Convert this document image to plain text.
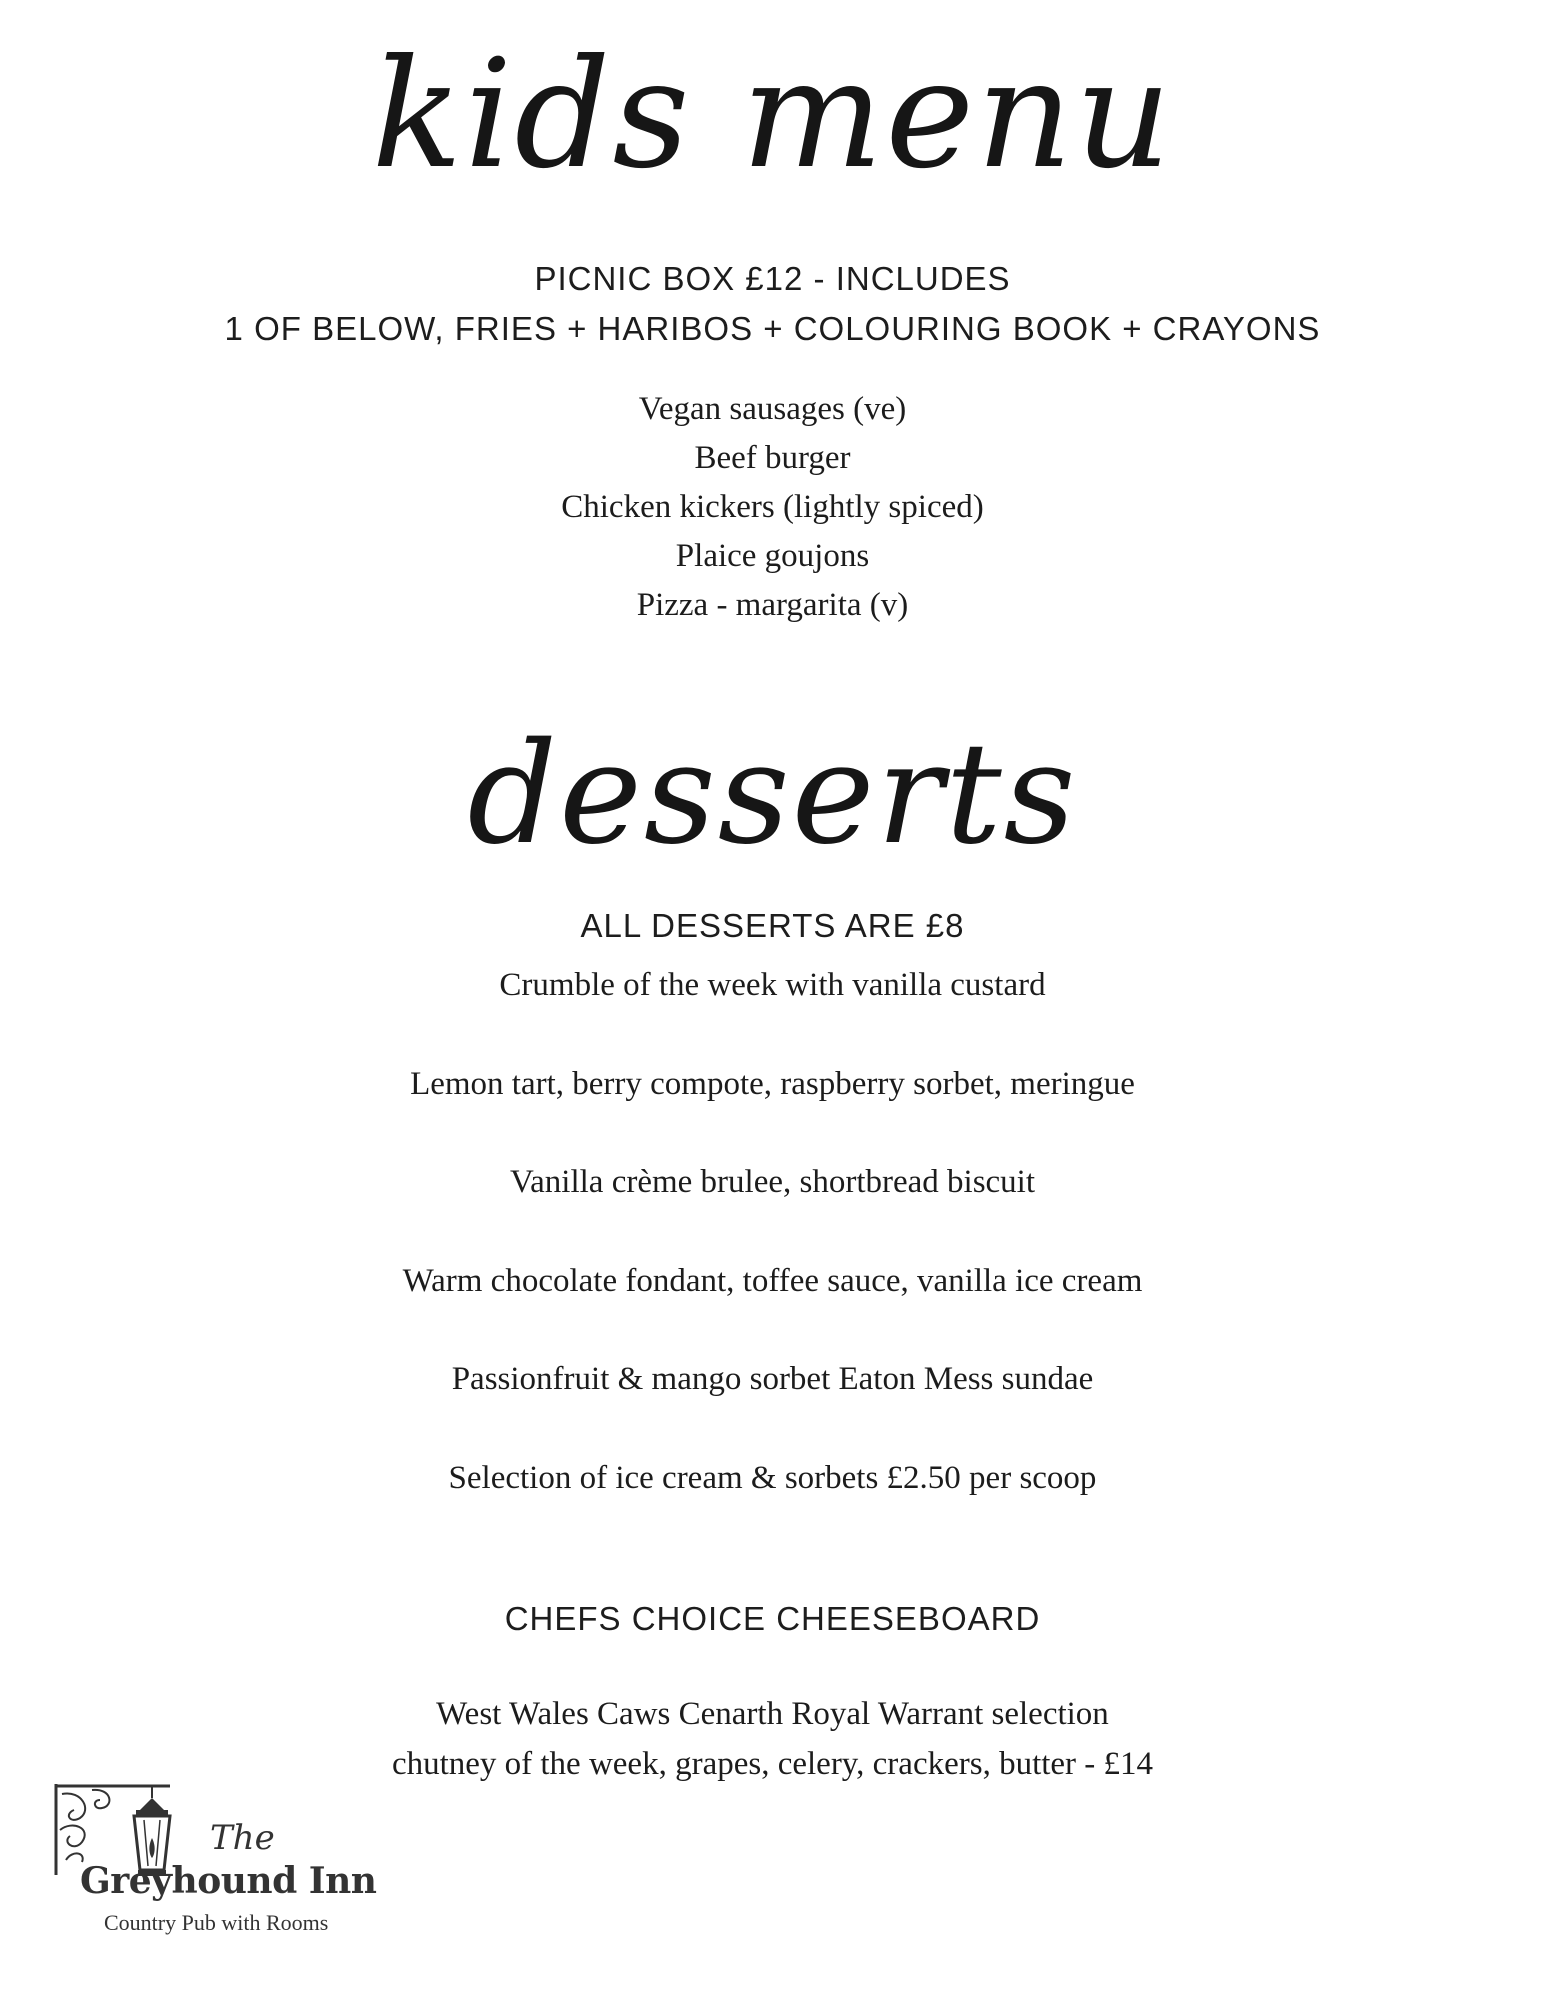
kids menu
PICNIC BOX £12 - INCLUDES
1 OF BELOW, FRIES + HARIBOS + COLOURING BOOK + CRAYONS
Vegan sausages (ve)
Beef burger
Chicken kickers (lightly spiced)
Plaice goujons
Pizza - margarita (v)
desserts
ALL DESSERTS ARE £8
Crumble of the week with vanilla custard
Lemon tart, berry compote, raspberry sorbet, meringue
Vanilla crème brulee, shortbread biscuit
Warm chocolate fondant, toffee sauce, vanilla ice cream
Passionfruit & mango sorbet Eaton Mess sundae
Selection of ice cream & sorbets £2.50 per scoop
CHEFS CHOICE CHEESEBOARD
West Wales Caws Cenarth Royal Warrant selection
chutney of the week, grapes, celery, crackers, butter - £14
The
Greyhound Inn
Country Pub with Rooms
